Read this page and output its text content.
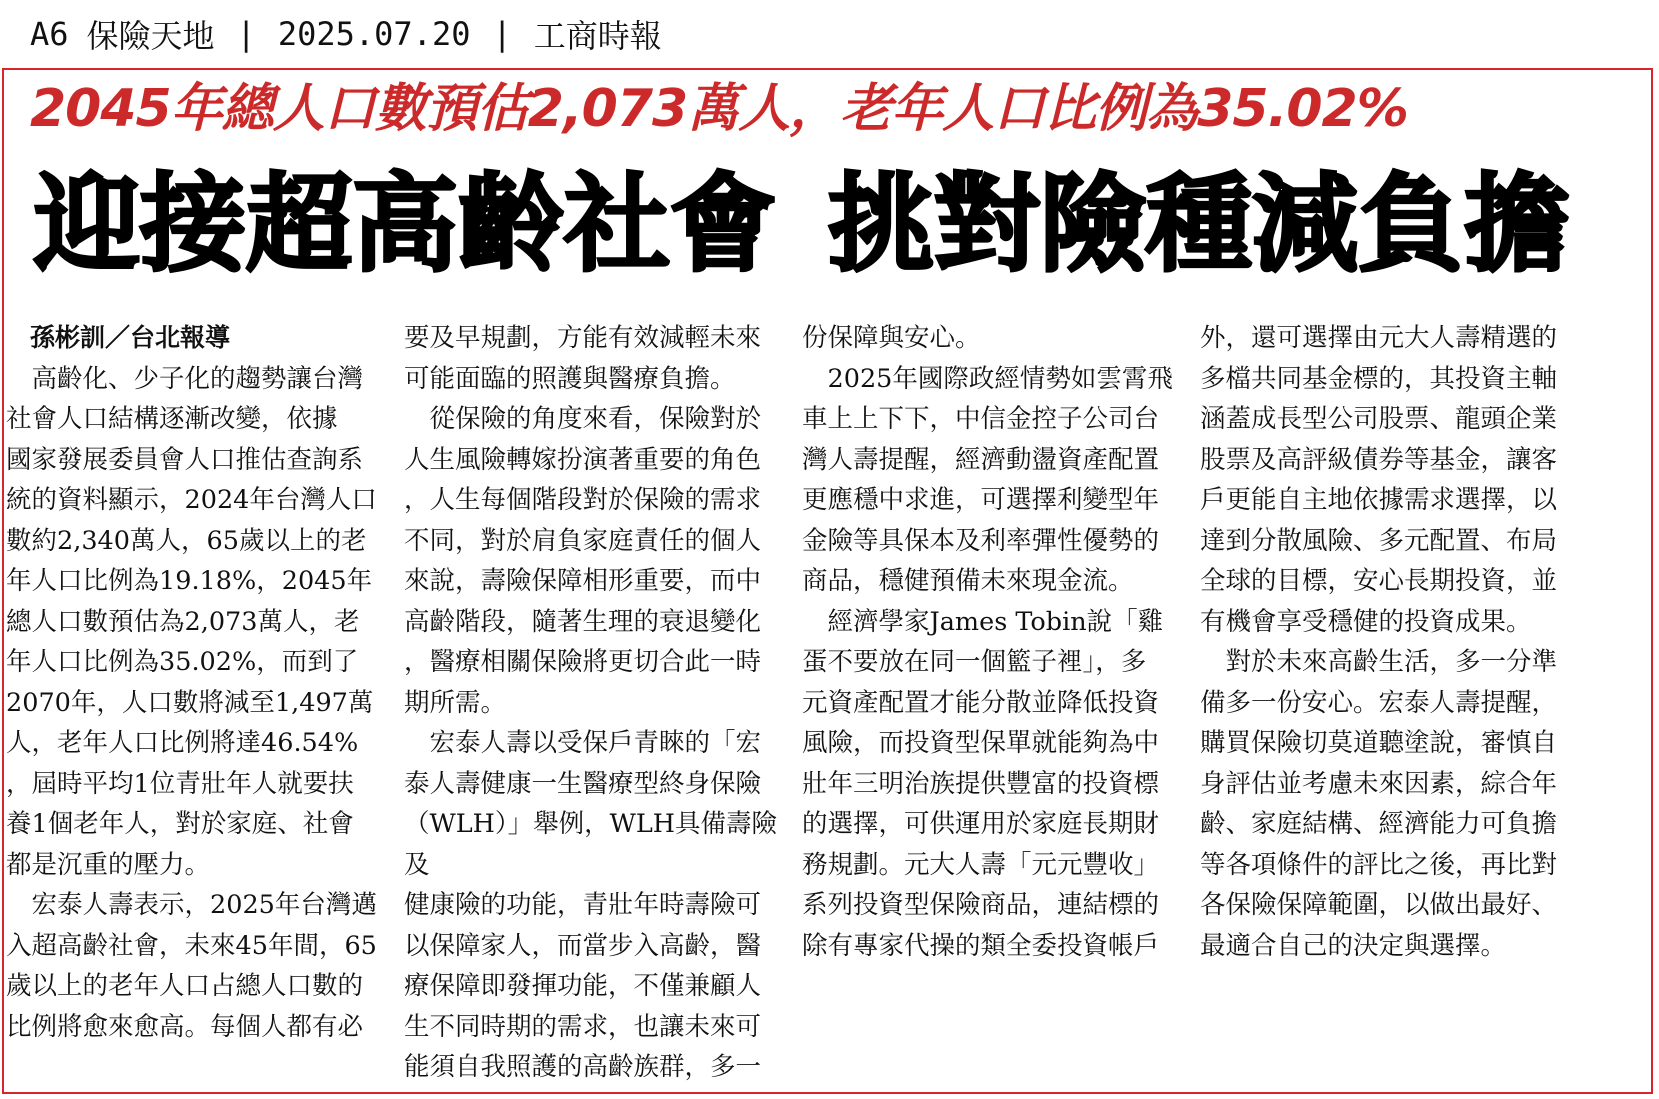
A6 保險天地 | 2025.07.20 | 工商時報
2045年總人口數預估2,073萬人，老年人口比例為35.02%
迎接超高齡社會 挑對險種減負擔

孫彬訓／台北報導

　高齡化、少子化的趨勢讓台灣

社會人口結構逐漸改變，依據

國家發展委員會人口推估查詢系

統的資料顯示，2024年台灣人口

數約2,340萬人，65歲以上的老

年人口比例為19.18%，2045年

總人口數預估為2,073萬人，老

年人口比例為35.02%，而到了

2070年，人口數將減至1,497萬

人，老年人口比例將達46.54%

，屆時平均1位青壯年人就要扶

養1個老年人，對於家庭、社會

都是沉重的壓力。

　宏泰人壽表示，2025年台灣邁

入超高齡社會，未來45年間，65

歲以上的老年人口占總人口數的

比例將愈來愈高。每個人都有必

要及早規劃，方能有效減輕未來

可能面臨的照護與醫療負擔。

　從保險的角度來看，保險對於

人生風險轉嫁扮演著重要的角色

，人生每個階段對於保險的需求

不同，對於肩負家庭責任的個人

來說，壽險保障相形重要，而中

高齡階段，隨著生理的衰退變化

，醫療相關保險將更切合此一時

期所需。

　宏泰人壽以受保戶青睞的「宏

泰人壽健康一生醫療型終身保險

（WLH）」舉例，WLH具備壽險及

健康險的功能，青壯年時壽險可

以保障家人，而當步入高齡，醫

療保障即發揮功能，不僅兼顧人

生不同時期的需求，也讓未來可

能須自我照護的高齡族群，多一

份保障與安心。

　2025年國際政經情勢如雲霄飛

車上上下下，中信金控子公司台

灣人壽提醒，經濟動盪資產配置

更應穩中求進，可選擇利變型年

金險等具保本及利率彈性優勢的

商品，穩健預備未來現金流。

　經濟學家James Tobin說「雞

蛋不要放在同一個籃子裡」，多

元資產配置才能分散並降低投資

風險，而投資型保單就能夠為中

壯年三明治族提供豐富的投資標

的選擇，可供運用於家庭長期財

務規劃。元大人壽「元元豐收」

系列投資型保險商品，連結標的

除有專家代操的類全委投資帳戶

外，還可選擇由元大人壽精選的

多檔共同基金標的，其投資主軸

涵蓋成長型公司股票、龍頭企業

股票及高評級債券等基金，讓客

戶更能自主地依據需求選擇，以

達到分散風險、多元配置、布局

全球的目標，安心長期投資，並

有機會享受穩健的投資成果。

　對於未來高齡生活，多一分準

備多一份安心。宏泰人壽提醒，

購買保險切莫道聽塗說，審慎自

身評估並考慮未來因素，綜合年

齡、家庭結構、經濟能力可負擔

等各項條件的評比之後，再比對

各保險保障範圍，以做出最好、

最適合自己的決定與選擇。
